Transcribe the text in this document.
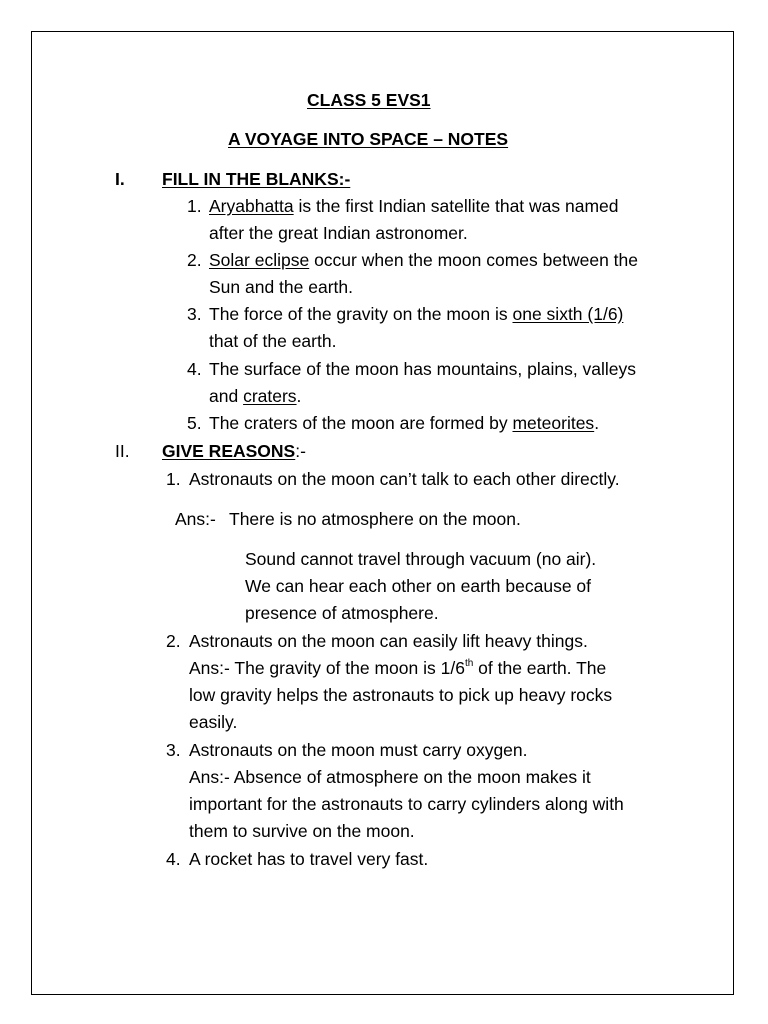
CLASS 5 EVS1
A VOYAGE INTO SPACE – NOTES
I. FILL IN THE BLANKS:-
1. Aryabhatta is the first Indian satellite that was named
after the great Indian astronomer.
2. Solar eclipse occur when the moon comes between the
Sun and the earth.
3. The force of the gravity on the moon is one sixth (1/6)
that of the earth.
4. The surface of the moon has mountains, plains, valleys
and craters.
5. The craters of the moon are formed by meteorites.
II. GIVE REASONS:-
1. Astronauts on the moon can’t talk to each other directly.
Ans:- There is no atmosphere on the moon.
Sound cannot travel through vacuum (no air).
We can hear each other on earth because of
presence of atmosphere.
2. Astronauts on the moon can easily lift heavy things.
Ans:- The gravity of the moon is 1/6th of the earth. The
low gravity helps the astronauts to pick up heavy rocks
easily.
3. Astronauts on the moon must carry oxygen.
Ans:- Absence of atmosphere on the moon makes it
important for the astronauts to carry cylinders along with
them to survive on the moon.
4. A rocket has to travel very fast.
